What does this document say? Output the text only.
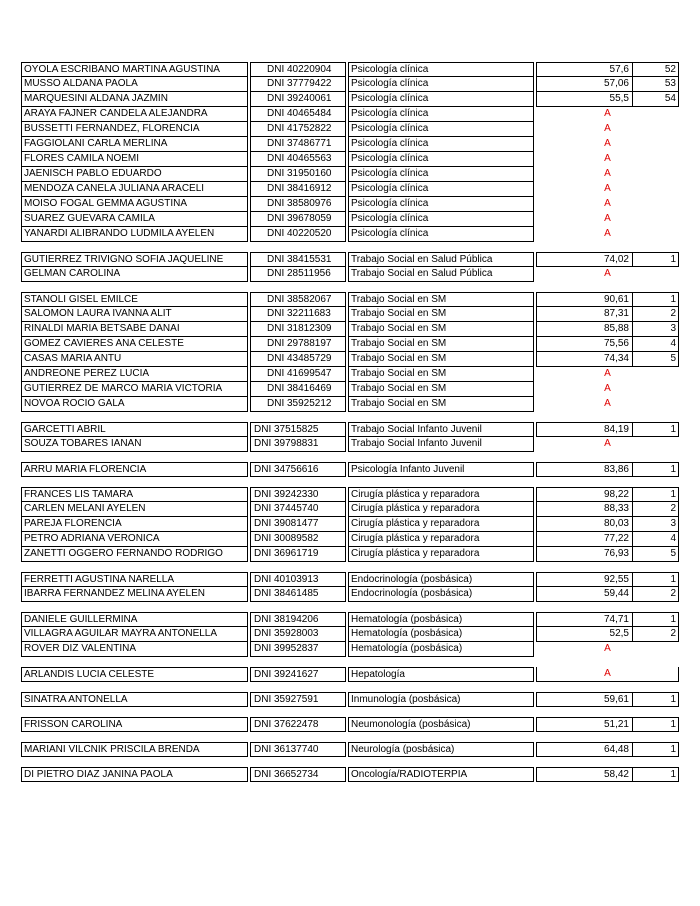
OYOLA ESCRIBANO MARTINA AGUSTINA	DNI 40220904	Psicología clínica	57,6	52
MUSSO ALDANA PAOLA	DNI 37779422	Psicología clínica	57,06	53
MARQUESINI ALDANA JAZMIN	DNI 39240061	Psicología clínica	55,5	54
ARAYA FAJNER CANDELA ALEJANDRA	DNI 40465484	Psicología clínica	A
BUSSETTI FERNANDEZ, FLORENCIA	DNI 41752822	Psicología clínica	A
FAGGIOLANI CARLA MERLINA	DNI 37486771	Psicología clínica	A
FLORES CAMILA NOEMI	DNI 40465563	Psicología clínica	A
JAENISCH PABLO EDUARDO	DNI 31950160	Psicología clínica	A
MENDOZA CANELA JULIANA ARACELI	DNI 38416912	Psicología clínica	A
MOISO FOGAL GEMMA AGUSTINA	DNI 38580976	Psicología clínica	A
SUAREZ GUEVARA CAMILA	DNI 39678059	Psicología clínica	A
YANARDI ALIBRANDO LUDMILA AYELEN	DNI 40220520	Psicología clínica	A
GUTIERREZ TRIVIGNO SOFIA JAQUELINE	DNI 38415531	Trabajo Social en Salud Pública	74,02	1
GELMAN CAROLINA	DNI 28511956	Trabajo Social en Salud Pública	A
STANOLI GISEL EMILCE	DNI 38582067	Trabajo Social en SM	90,61	1
SALOMON LAURA IVANNA ALIT	DNI 32211683	Trabajo Social en SM	87,31	2
RINALDI MARIA BETSABE DANAI	DNI 31812309	Trabajo Social en SM	85,88	3
GOMEZ CAVIERES ANA CELESTE	DNI 29788197	Trabajo Social en SM	75,56	4
CASAS MARIA ANTU	DNI 43485729	Trabajo Social en SM	74,34	5
ANDREONE PEREZ LUCIA	DNI 41699547	Trabajo Social en SM	A
GUTIERREZ DE MARCO MARIA VICTORIA	DNI 38416469	Trabajo Social en SM	A
NOVOA ROCIO GALA	DNI 35925212	Trabajo Social en SM	A
GARCETTI ABRIL	DNI 37515825	Trabajo Social Infanto Juvenil	84,19	1
SOUZA TOBARES IANAN	DNI 39798831	Trabajo Social Infanto Juvenil	A
ARRU MARIA FLORENCIA	DNI 34756616	Psicología Infanto Juvenil	83,86	1
FRANCES LIS TAMARA	DNI 39242330	Cirugía plástica y reparadora	98,22	1
CARLEN MELANI AYELEN	DNI 37445740	Cirugía plástica y reparadora	88,33	2
PAREJA FLORENCIA	DNI 39081477	Cirugía plástica y reparadora	80,03	3
PETRO ADRIANA VERONICA	DNI 30089582	Cirugía plástica y reparadora	77,22	4
ZANETTI OGGERO FERNANDO RODRIGO	DNI 36961719	Cirugía plástica y reparadora	76,93	5
FERRETTI AGUSTINA NARELLA	DNI 40103913	Endocrinología (posbásica)	92,55	1
IBARRA FERNANDEZ MELINA AYELEN	DNI 38461485	Endocrinología (posbásica)	59,44	2
DANIELE GUILLERMINA	DNI 38194206	Hematología (posbásica)	74,71	1
VILLAGRA AGUILAR MAYRA ANTONELLA	DNI 35928003	Hematología (posbásica)	52,5	2
ROVER DIZ VALENTINA	DNI 39952837	Hematología (posbásica)	A
ARLANDIS LUCIA CELESTE	DNI 39241627	Hepatología	A
SINATRA ANTONELLA	DNI 35927591	Inmunología (posbásica)	59,61	1
FRISSON CAROLINA	DNI 37622478	Neumonología (posbásica)	51,21	1
MARIANI VILCNIK PRISCILA BRENDA	DNI 36137740	Neurología (posbásica)	64,48	1
DI PIETRO DIAZ JANINA PAOLA	DNI 36652734	Oncología/RADIOTERPIA	58,42	1
